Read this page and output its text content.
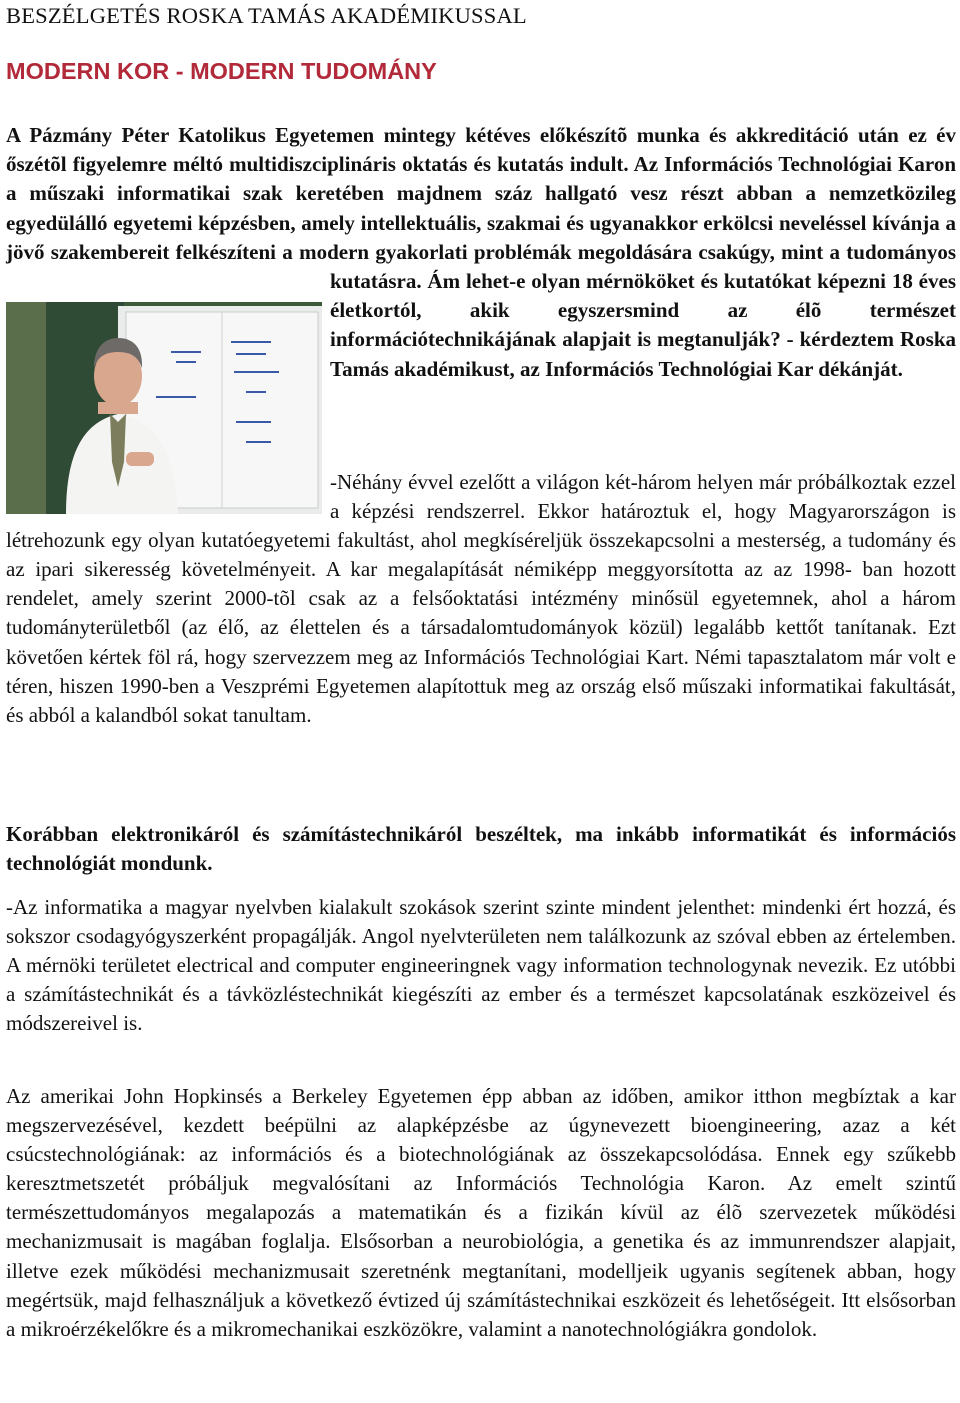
BESZÉLGETÉS ROSKA TAMÁS AKADÉMIKUSSAL
MODERN KOR - MODERN TUDOMÁNY
A Pázmány Péter Katolikus Egyetemen mintegy kétéves előkészítõ munka és akkreditáció után ez év őszétõl figyelemre méltó multidiszciplináris oktatás és kutatás indult. Az Információs Technológiai Karon a műszaki informatikai szak keretében majdnem száz hallgató vesz részt abban a nemzetközileg egyedülálló egyetemi képzésben, amely intellektuális, szakmai és ugyanakkor erkölcsi neveléssel kívánja a jövő szakembereit felkészíteni a modern gyakorlati problémák megoldására csakúgy, mint a tudományos kutatásra. Ám lehet-e olyan mérnököket és kutatókat képezni 18 éves életkortól, akik egyszersmind az élõ természet információtechnikájának alapjait is megtanulják? - kérdeztem Roska Tamás akadémikust, az Információs Technológiai Kar dékánját.
-Néhány évvel ezelőtt a világon két-három helyen már próbálkoztak ezzel a képzési rendszerrel. Ekkor határoztuk el, hogy Magyarországon is létrehozunk egy olyan kutatóegyetemi fakultást, ahol megkíséreljük összekapcsolni a mesterség, a tudomány és az ipari sikeresség követelményeit. A kar megalapítását némiképp meggyorsította az az 1998- ban hozott rendelet, amely szerint 2000-tõl csak az a felsőoktatási intézmény minősül egyetemnek, ahol a három tudományterületből (az élő, az élettelen és a társadalomtudományok közül) legalább kettőt tanítanak. Ezt követően kértek föl rá, hogy szervezzem meg az Információs Technológiai Kart. Némi tapasztalatom már volt e téren, hiszen 1990-ben a Veszprémi Egyetemen alapítottuk meg az ország első műszaki informatikai fakultását, és abból a kalandból sokat tanultam.
Korábban elektronikáról és számítástechnikáról beszéltek, ma inkább informatikát és információs technológiát mondunk.
-Az informatika a magyar nyelvben kialakult szokások szerint szinte mindent jelenthet: mindenki ért hozzá, és sokszor csodagyógyszerként propagálják. Angol nyelvterületen nem találkozunk az szóval ebben az értelemben. A mérnöki területet electrical and computer engineeringnek vagy information technologynak nevezik. Ez utóbbi a számítástechnikát és a távközléstechnikát kiegészíti az ember és a természet kapcsolatának eszközeivel és módszereivel is.
Az amerikai John Hopkinsés a Berkeley Egyetemen épp abban az időben, amikor itthon megbíztak a kar megszervezésével, kezdett beépülni az alapképzésbe az úgynevezett bioengineering, azaz a két csúcstechnológiának: az információs és a biotechnológiának az összekapcsolódása. Ennek egy szűkebb keresztmetszetét próbáljuk megvalósítani az Információs Technológia Karon. Az emelt szintű természettudományos megalapozás a matematikán és a fizikán kívül az élõ szervezetek működési mechanizmusait is magában foglalja. Elsősorban a neurobiológia, a genetika és az immunrendszer alapjait, illetve ezek működési mechanizmusait szeretnénk megtanítani, modelljeik ugyanis segítenek abban, hogy megértsük, majd felhasználjuk a következő évtized új számítástechnikai eszközeit és lehetőségeit. Itt elsősorban a mikroérzékelőkre és a mikromechanikai eszközökre, valamint a nanotechnológiákra gondolok.
